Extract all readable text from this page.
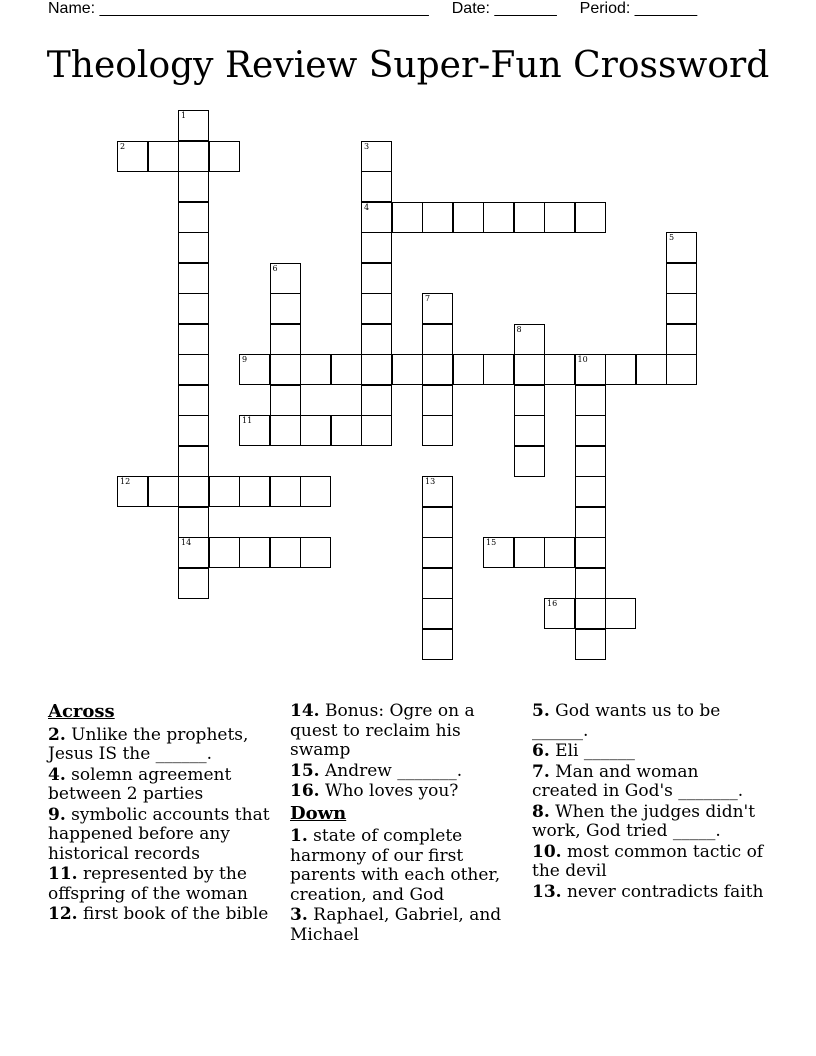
Name: _____________________________________ Date: _______ Period: _______
Theology Review Super-Fun Crossword
1
14
2	3
4
5
6
7
8
9	10
11
12	13
15
16
Across
2. Unlike the prophets, Jesus IS the ______.
4. solemn agreement between 2 parties
9. symbolic accounts that happened before any historical records
11. represented by the offspring of the woman
12. first book of the bible
14. Bonus: Ogre on a quest to reclaim his swamp
15. Andrew _______.
16. Who loves you?
Down
1. state of complete harmony of our first parents with each other, creation, and God
3. Raphael, Gabriel, and Michael
5. God wants us to be ______.
6. Eli ______
7. Man and woman created in God's _______.
8. When the judges didn't work, God tried _____.
10. most common tactic of the devil
13. never contradicts faith
